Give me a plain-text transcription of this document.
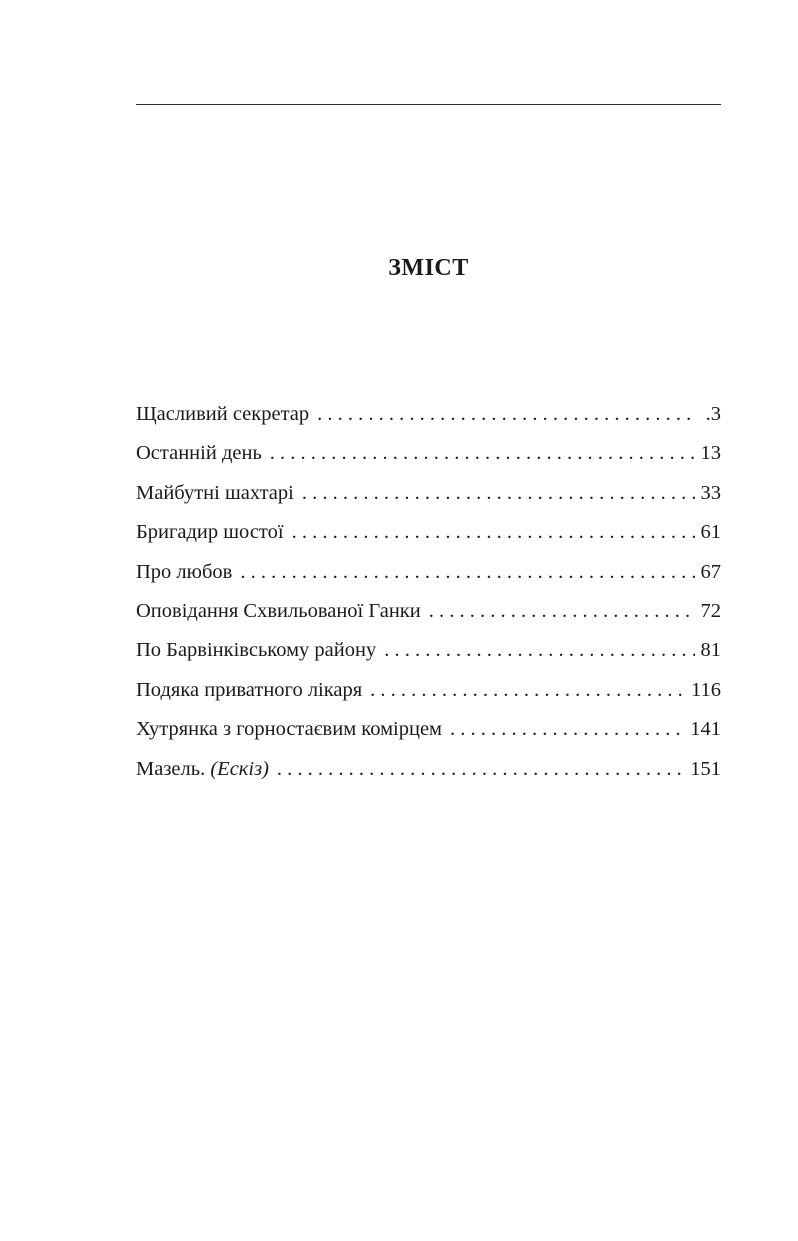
ЗМІСТ
Щасливий секретар . . .	.3
Останній день . . .	13
Майбутні шахтарі . . .	33
Бригадир шостої . . .	61
Про любов . . .	67
Оповідання Схвильованої Ганки . . .	72
По Барвінківському району . . .	81
Подяка приватного лікаря . . .	116
Хутрянка з горностаєвим комірцем . . .	141
Мазель. (Ескіз) . . .	151
